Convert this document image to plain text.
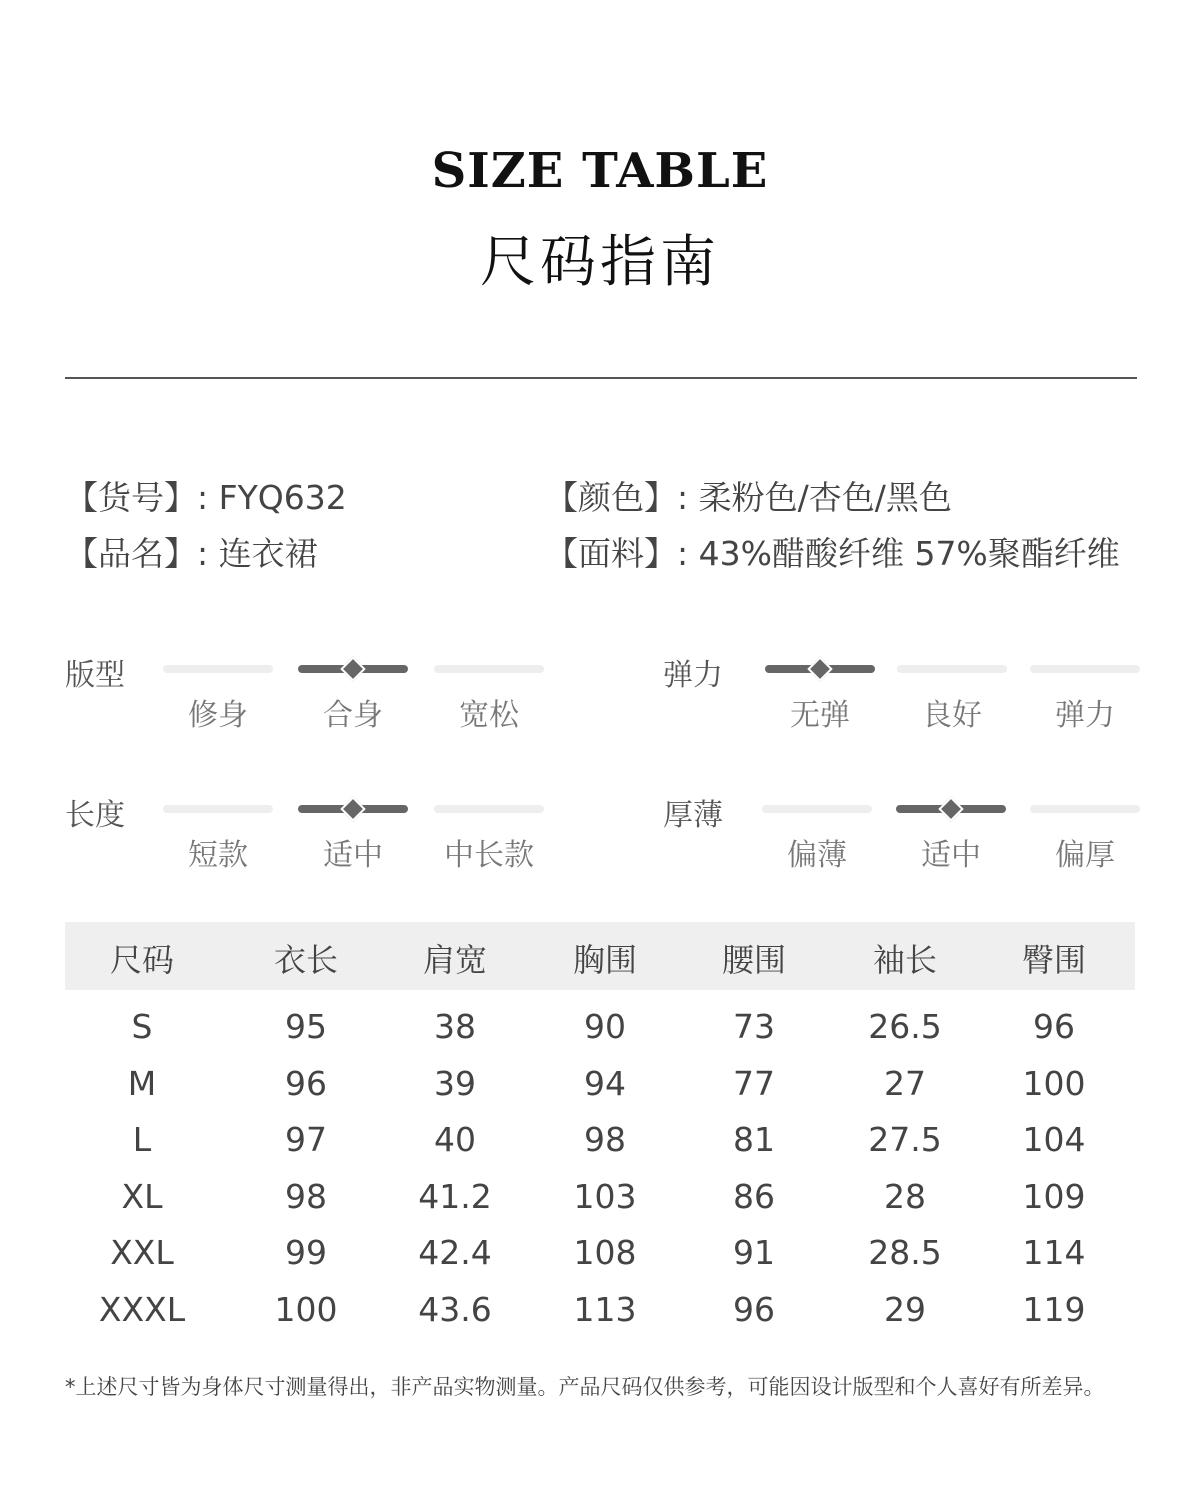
SIZE TABLE
尺码指南
【货号】: FYQ632
【品名】: 连衣裙
【颜色】: 柔粉色/杏色/黑色
【面料】: 43%醋酸纤维 57%聚酯纤维
版型
修身	合身	宽松
弹力
无弹	良好	弹力
长度
短款	适中	中长款
厚薄
偏薄	适中	偏厚
尺码	衣长	肩宽	胸围	腰围	袖长	臀围
S	95	38	90	73	26.5	96
M	96	39	94	77	27	100
L	97	40	98	81	27.5	104
XL	98	41.2	103	86	28	109
XXL	99	42.4	108	91	28.5	114
XXXL	100	43.6	113	96	29	119
*上述尺寸皆为身体尺寸测量得出，非产品实物测量。产品尺码仅供参考，可能因设计版型和个人喜好有所差异。
